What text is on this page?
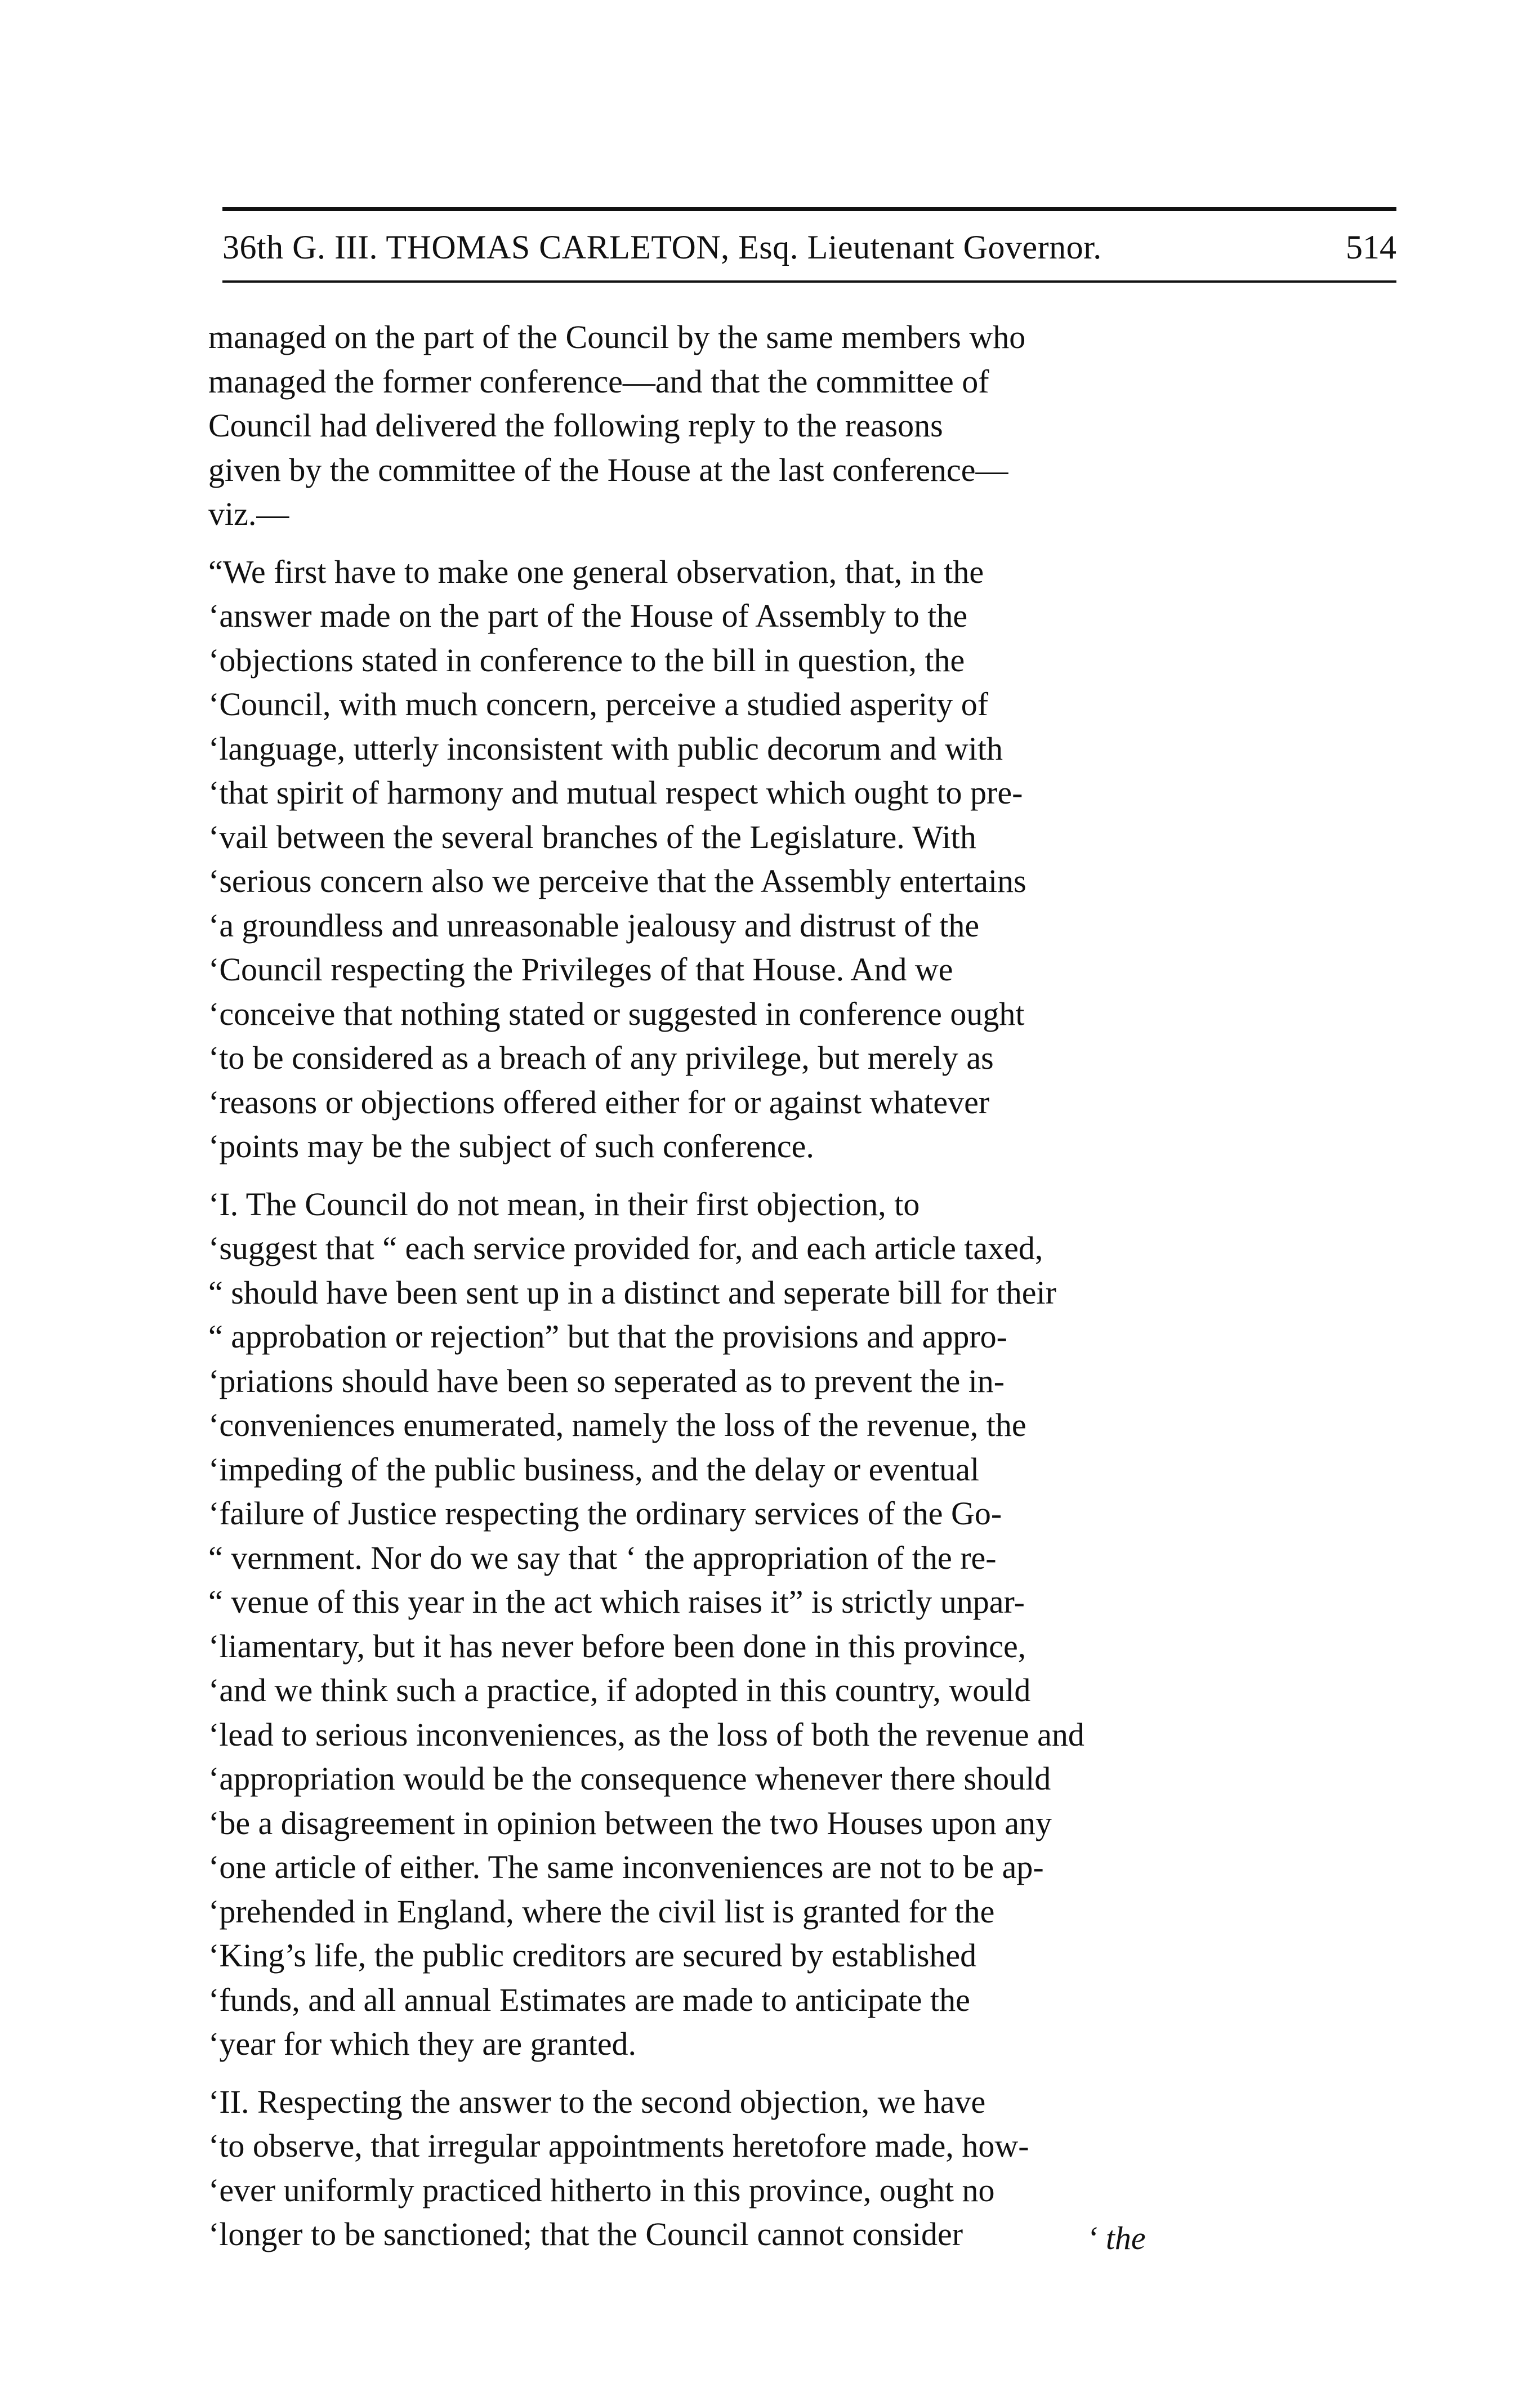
36th G. III. THOMAS CARLETON, Esq. Lieutenant Governor.	514
managed on the part of the Council by the same members who
managed the former conference—and that the committee of
Council had delivered the following reply to the reasons
given by the committee of the House at the last conference—
viz.—
“We first have to make one general observation, that, in the
‘answer made on the part of the House of Assembly to the
‘objections stated in conference to the bill in question, the
‘Council, with much concern, perceive a studied asperity of
‘language, utterly inconsistent with public decorum and with
‘that spirit of harmony and mutual respect which ought to pre-
‘vail between the several branches of the Legislature. With
‘serious concern also we perceive that the Assembly entertains
‘a groundless and unreasonable jealousy and distrust of the
‘Council respecting the Privileges of that House. And we
‘conceive that nothing stated or suggested in conference ought
‘to be considered as a breach of any privilege, but merely as
‘reasons or objections offered either for or against whatever
‘points may be the subject of such conference.
‘I. The Council do not mean, in their first objection, to
‘suggest that “ each service provided for, and each article taxed,
“ should have been sent up in a distinct and seperate bill for their
“ approbation or rejection” but that the provisions and appro-
‘priations should have been so seperated as to prevent the in-
‘conveniences enumerated, namely the loss of the revenue, the
‘impeding of the public business, and the delay or eventual
‘failure of Justice respecting the ordinary services of the Go-
“ vernment. Nor do we say that ‘ the appropriation of the re-
“ venue of this year in the act which raises it” is strictly unpar-
‘liamentary, but it has never before been done in this province,
‘and we think such a practice, if adopted in this country, would
‘lead to serious inconveniences, as the loss of both the revenue and
‘appropriation would be the consequence whenever there should
‘be a disagreement in opinion between the two Houses upon any
‘one article of either. The same inconveniences are not to be ap-
‘prehended in England, where the civil list is granted for the
‘King’s life, the public creditors are secured by established
‘funds, and all annual Estimates are made to anticipate the
‘year for which they are granted.
‘II. Respecting the answer to the second objection, we have
‘to observe, that irregular appointments heretofore made, how-
‘ever uniformly practiced hitherto in this province, ought no
‘longer to be sanctioned; that the Council cannot consider	‘ the
